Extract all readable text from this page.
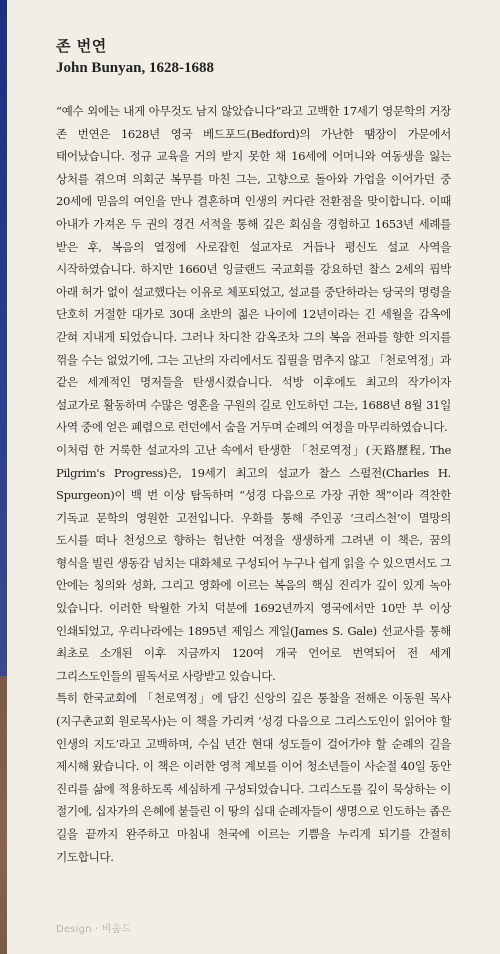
존 번연
John Bunyan, 1628-1688

“예수 외에는 내게 아무것도 남지 않았습니다”라고 고백한 17세기 영문학의 거장 존 번연은 1628년 영국 베드포드(Bedford)의 가난한 땜장이 가문에서 태어났습니다. 정규 교육을 거의 받지 못한 채 16세에 어머니와 여동생을 잃는 상처를 겪으며 의회군 복무를 마친 그는, 고향으로 돌아와 가업을 이어가던 중 20세에 믿음의 여인을 만나 결혼하며 인생의 커다란 전환점을 맞이합니다. 이때 아내가 가져온 두 권의 경건 서적을 통해 깊은 회심을 경험하고 1653년 세례를 받은 후, 복음의 열정에 사로잡힌 설교자로 거듭나 평신도 설교 사역을 시작하였습니다. 하지만 1660년 잉글랜드 국교회를 강요하던 찰스 2세의 핍박 아래 허가 없이 설교했다는 이유로 체포되었고, 설교를 중단하라는 당국의 명령을 단호히 거절한 대가로 30대 초반의 젊은 나이에 12년이라는 긴 세월을 감옥에 갇혀 지내게 되었습니다. 그러나 차디찬 감옥조차 그의 복음 전파를 향한 의지를 꺾을 수는 없었기에, 그는 고난의 자리에서도 집필을 멈추지 않고 「천로역정」과 같은 세계적인 명저들을 탄생시켰습니다. 석방 이후에도 최고의 작가이자 설교가로 활동하며 수많은 영혼을 구원의 길로 인도하던 그는, 1688년 8월 31일 사역 중에 얻은 폐렴으로 런던에서 숨을 거두며 순례의 여정을 마무리하였습니다.

이처럼 한 거룩한 설교자의 고난 속에서 탄생한 「천로역정」(天路歷程, The Pilgrim's Progress)은, 19세기 최고의 설교가 찰스 스펄전(Charles H. Spurgeon)이 백 번 이상 탐독하며 “성경 다음으로 가장 귀한 책”이라 격찬한 기독교 문학의 영원한 고전입니다. 우화를 통해 주인공 ‘크리스천’이 멸망의 도시를 떠나 천성으로 향하는 험난한 여정을 생생하게 그려낸 이 책은, 꿈의 형식을 빌린 생동감 넘치는 대화체로 구성되어 누구나 쉽게 읽을 수 있으면서도 그 안에는 칭의와 성화, 그리고 영화에 이르는 복음의 핵심 진리가 깊이 있게 녹아 있습니다. 이러한 탁월한 가치 덕분에 1692년까지 영국에서만 10만 부 이상 인쇄되었고, 우리나라에는 1895년 제임스 게일(James S. Gale) 선교사를 통해 최초로 소개된 이후 지금까지 120여 개국 언어로 번역되어 전 세계 그리스도인들의 필독서로 사랑받고 있습니다.

특히 한국교회에 「천로역정」에 담긴 신앙의 깊은 통찰을 전해온 이동원 목사(지구촌교회 원로목사)는 이 책을 가리켜 ‘성경 다음으로 그리스도인이 읽어야 할 인생의 지도’라고 고백하며, 수십 년간 현대 성도들이 걸어가야 할 순례의 길을 제시해 왔습니다. 이 책은 이러한 영적 계보를 이어 청소년들이 사순절 40일 동안 진리를 삶에 적용하도록 세심하게 구성되었습니다. 그리스도를 깊이 묵상하는 이 절기에, 십자가의 은혜에 붙들린 이 땅의 십대 순례자들이 생명으로 인도하는 좁은 길을 끝까지 완주하고 마침내 천국에 이르는 기쁨을 누리게 되기를 간절히 기도합니다.

Design · 비움드
